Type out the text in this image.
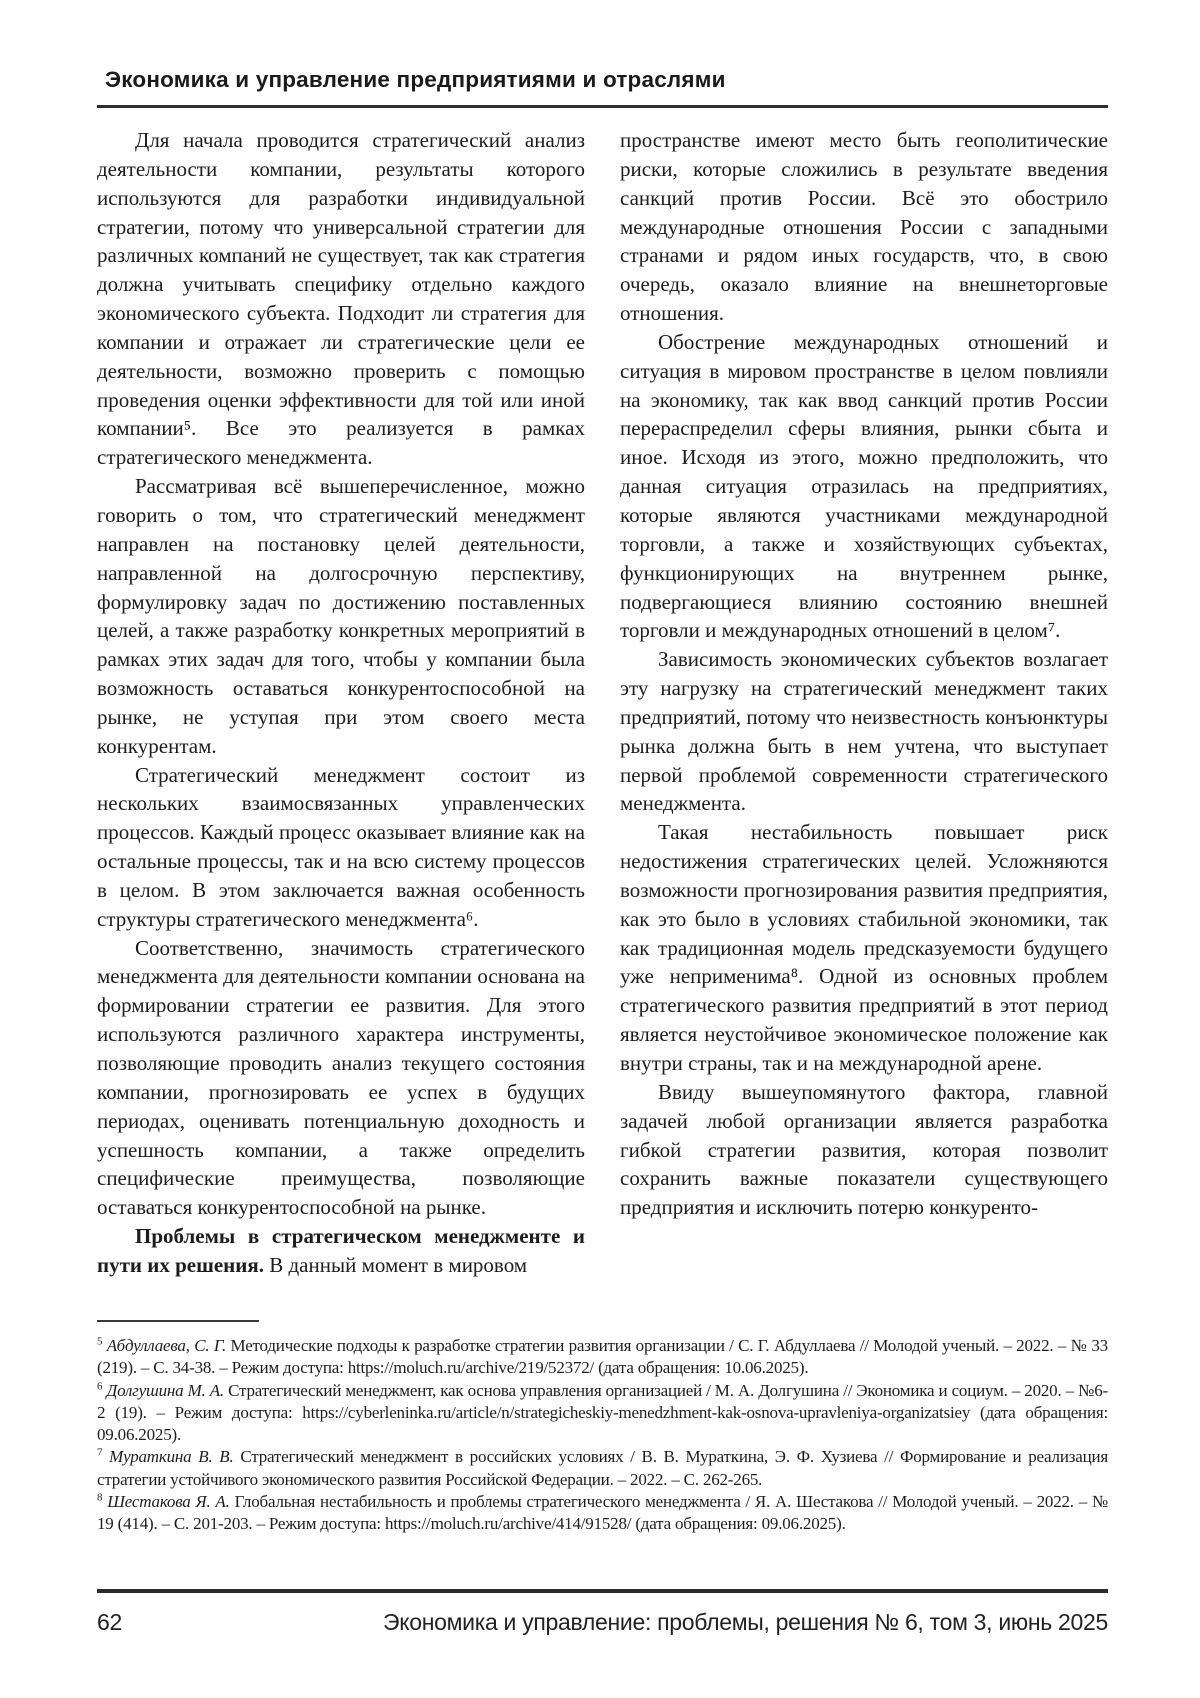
Экономика и управление предприятиями и отраслями

Для начала проводится стратегический анализ деятельности компании, результаты которого используются для разработки индивидуальной стратегии, потому что универсальной стратегии для различных компаний не существует, так как стратегия должна учитывать специфику отдельно каждого экономического субъекта. Подходит ли стратегия для компании и отражает ли стратегические цели ее деятельности, возможно проверить с помощью проведения оценки эффективности для той или иной компании⁵. Все это реализуется в рамках стратегического менеджмента.

Рассматривая всё вышеперечисленное, можно говорить о том, что стратегический менеджмент направлен на постановку целей деятельности, направленной на долгосрочную перспективу, формулировку задач по достижению поставленных целей, а также разработку конкретных мероприятий в рамках этих задач для того, чтобы у компании была возможность оставаться конкурентоспособной на рынке, не уступая при этом своего места конкурентам.

Стратегический менеджмент состоит из нескольких взаимосвязанных управленческих процессов. Каждый процесс оказывает влияние как на остальные процессы, так и на всю систему процессов в целом. В этом заключается важная особенность структуры стратегического менеджмента⁶.

Соответственно, значимость стратегического менеджмента для деятельности компании основана на формировании стратегии ее развития. Для этого используются различного характера инструменты, позволяющие проводить анализ текущего состояния компании, прогнозировать ее успех в будущих периодах, оценивать потенциальную доходность и успешность компании, а также определить специфические преимущества, позволяющие оставаться конкурентоспособной на рынке.

Проблемы в стратегическом менеджменте и пути их решения. В данный момент в мировом

пространстве имеют место быть геополитические риски, которые сложились в результате введения санкций против России. Всё это обострило международные отношения России с западными странами и рядом иных государств, что, в свою очередь, оказало влияние на внешнеторговые отношения.

Обострение международных отношений и ситуация в мировом пространстве в целом повлияли на экономику, так как ввод санкций против России перераспределил сферы влияния, рынки сбыта и иное. Исходя из этого, можно предположить, что данная ситуация отразилась на предприятиях, которые являются участниками международной торговли, а также и хозяйствующих субъектах, функционирующих на внутреннем рынке, подвергающиеся влиянию состоянию внешней торговли и международных отношений в целом⁷.

Зависимость экономических субъектов возлагает эту нагрузку на стратегический менеджмент таких предприятий, потому что неизвестность конъюнктуры рынка должна быть в нем учтена, что выступает первой проблемой современности стратегического менеджмента.

Такая нестабильность повышает риск недостижения стратегических целей. Усложняются возможности прогнозирования развития предприятия, как это было в условиях стабильной экономики, так как традиционная модель предсказуемости будущего уже неприменима⁸. Одной из основных проблем стратегического развития предприятий в этот период является неустойчивое экономическое положение как внутри страны, так и на международной арене.

Ввиду вышеупомянутого фактора, главной задачей любой организации является разработка гибкой стратегии развития, которая позволит сохранить важные показатели существующего предприятия и исключить потерю конкуренто-

$^5$ Абдуллаева, С. Г. Методические подходы к разработке стратегии развития организации / С. Г. Абдуллаева // Молодой ученый. – 2022. – № 33 (219). – С. 34-38. – Режим доступа: https://moluch.ru/archive/219/52372/ (дата обращения: 10.06.2025).

$^6$ Долгушина М. А. Стратегический менеджмент, как основа управления организацией / М. А. Долгушина // Экономика и социум. – 2020. – №6-2 (19). – Режим доступа: https://cyberleninka.ru/article/n/strategicheskiy-menedzhment-kak-osnova-upravleniya-organizatsiey (дата обращения: 09.06.2025).

$^7$ Мураткина В. В. Стратегический менеджмент в российских условиях / В. В. Мураткина, Э. Ф. Хузиева // Формирование и реализация стратегии устойчивого экономического развития Российской Федерации. – 2022. – С. 262-265.

$^8$ Шестакова Я. А. Глобальная нестабильность и проблемы стратегического менеджмента / Я. А. Шестакова // Молодой ученый. – 2022. – № 19 (414). – С. 201-203. – Режим доступа: https://moluch.ru/archive/414/91528/ (дата обращения: 09.06.2025).

62	Экономика и управление: проблемы, решения № 6, том 3, июнь 2025
